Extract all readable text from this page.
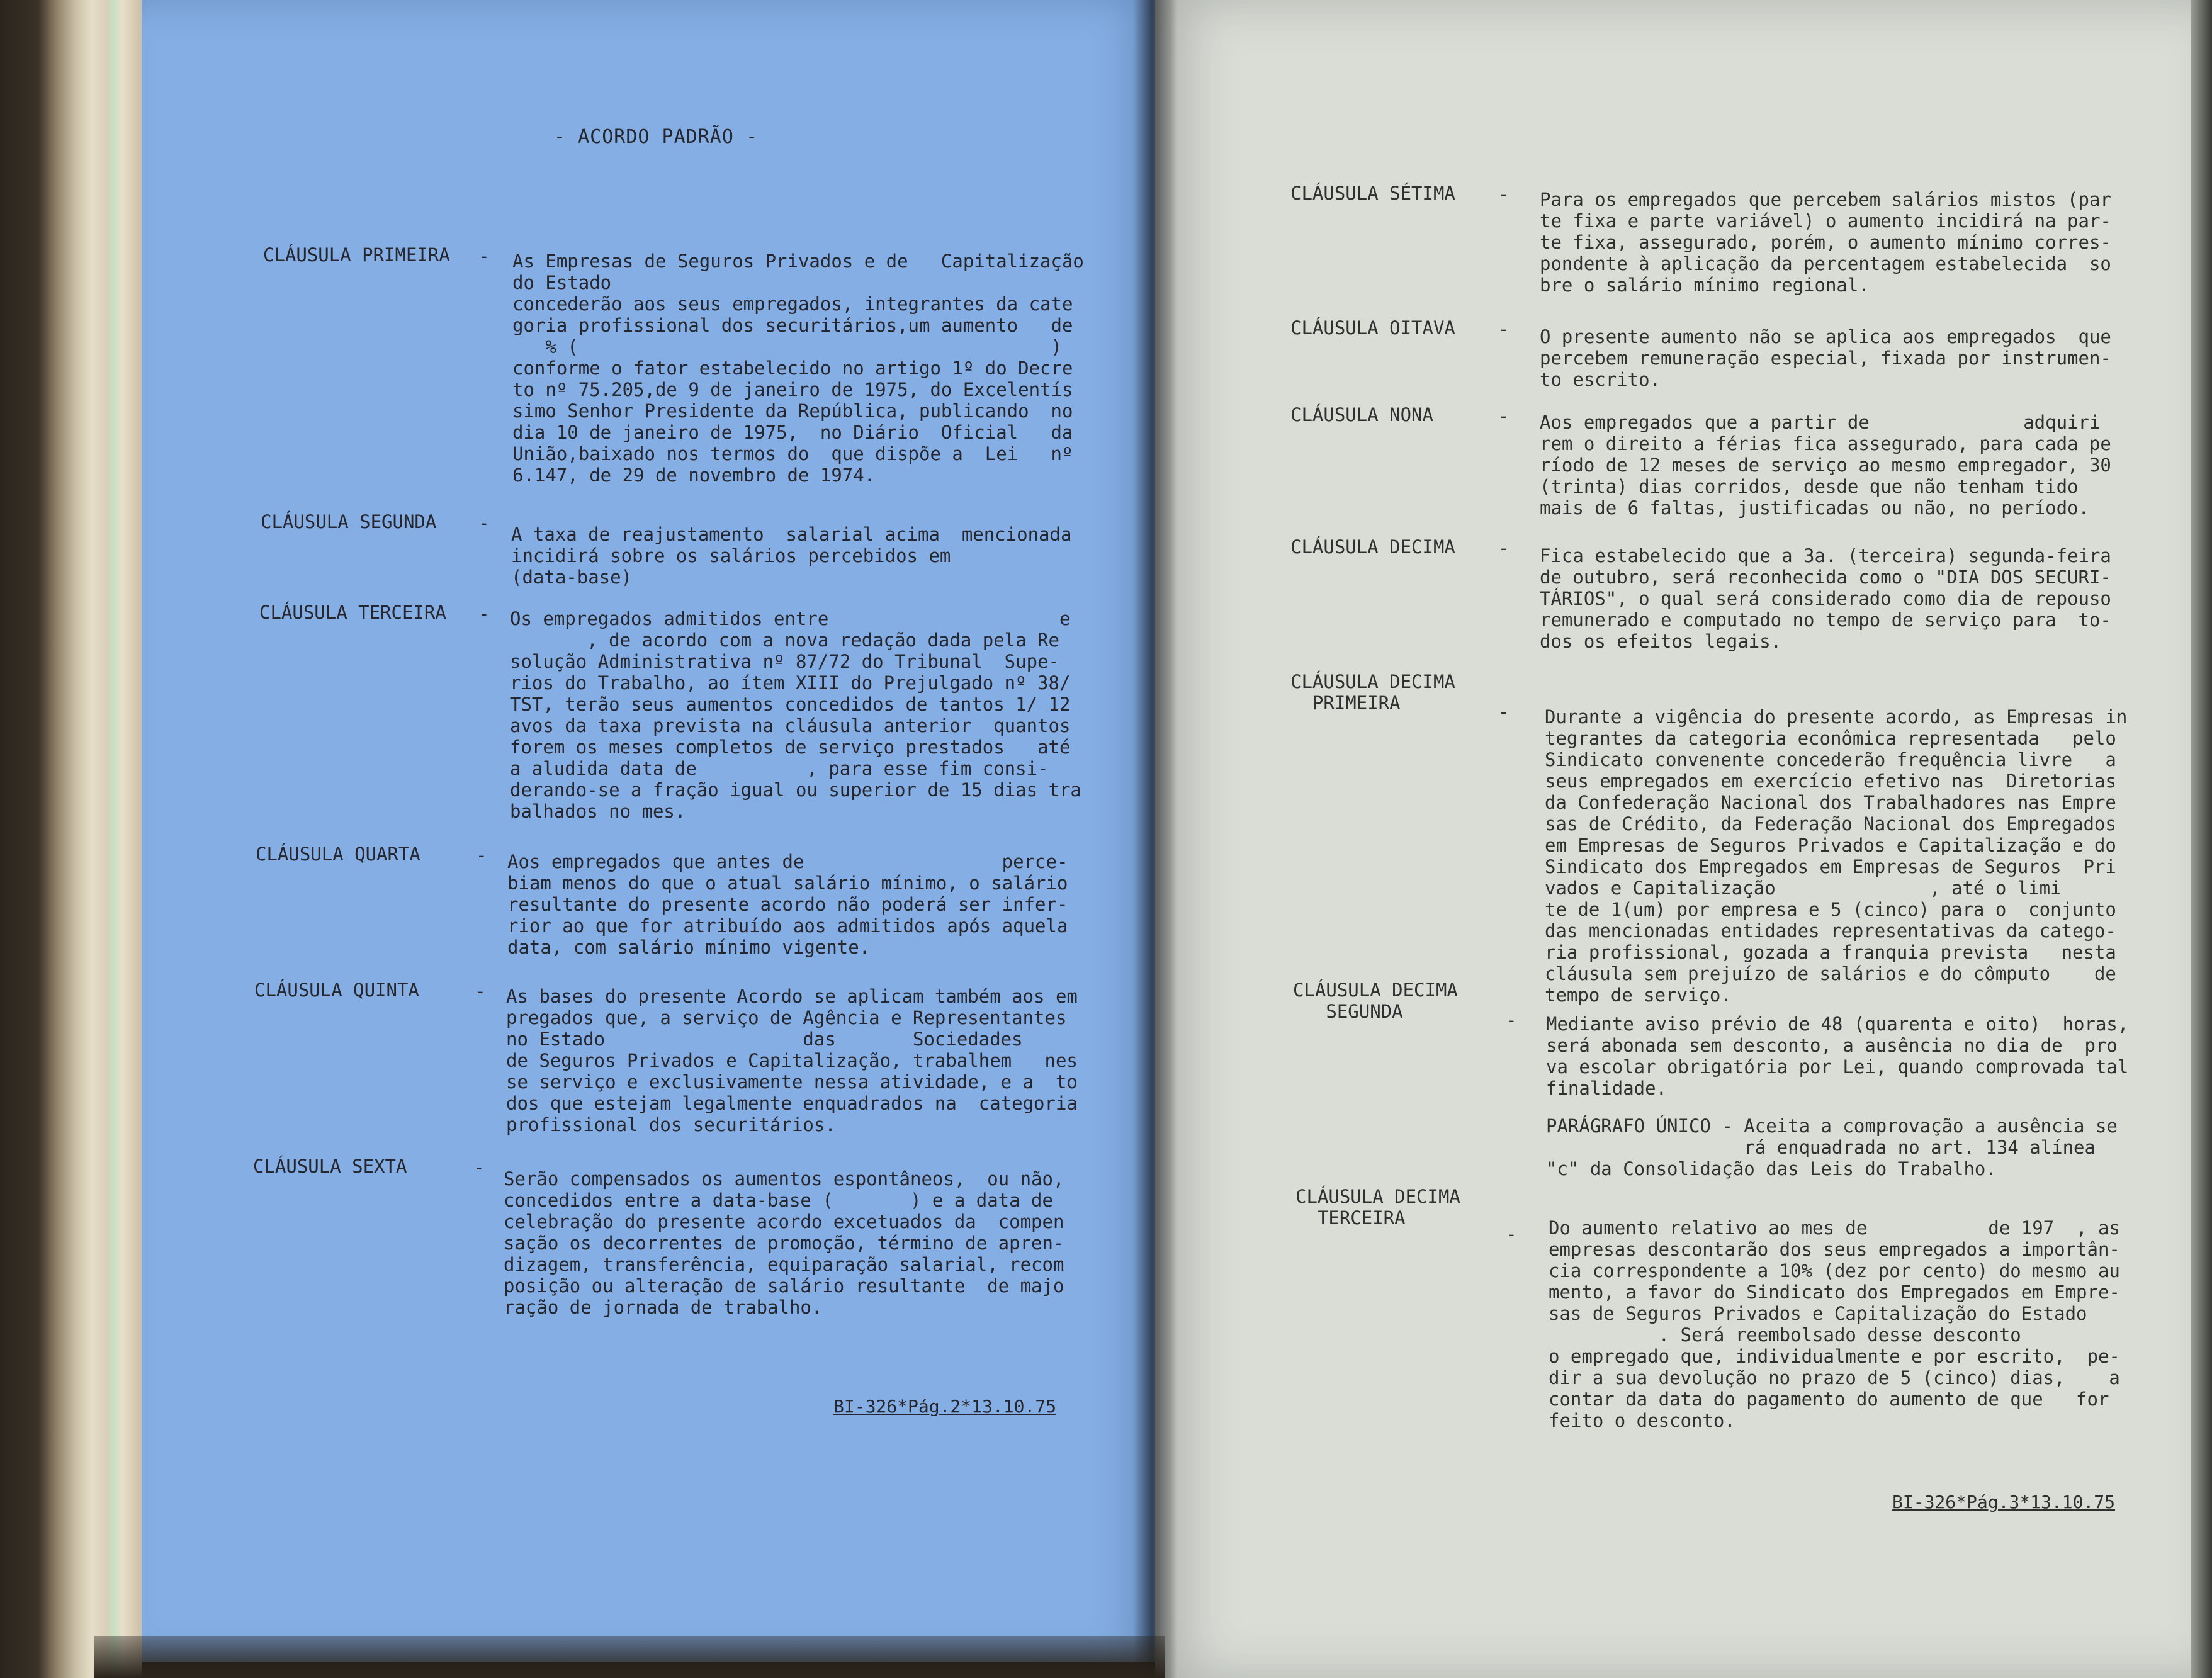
- ACORDO PADRÃO -
CLÁUSULA PRIMEIRA - As Empresas de Seguros Privados e de   Capitalização
do Estado
concederão aos seus empregados, integrantes da cate
goria profissional dos securitários,um aumento   de
% (                                           )
conforme o fator estabelecido no artigo 1º do Decre
to nº 75.205,de 9 de janeiro de 1975, do Excelentís
simo Senhor Presidente da República, publicando  no
dia 10 de janeiro de 1975,  no Diário  Oficial   da
União,baixado nos termos do  que dispõe a  Lei   nº
6.147, de 29 de novembro de 1974.
CLÁUSULA SEGUNDA -
A taxa de reajustamento  salarial acima  mencionada
incidirá sobre os salários percebidos em
(data-base)
CLÁUSULA TERCEIRA - Os empregados admitidos entre                     e
, de acordo com a nova redação dada pela Re
solução Administrativa nº 87/72 do Tribunal  Supe-
rios do Trabalho, ao ítem XIII do Prejulgado nº 38/
TST, terão seus aumentos concedidos de tantos 1/ 12
avos da taxa prevista na cláusula anterior  quantos
forem os meses completos de serviço prestados   até
a aludida data de          , para esse fim consi-
derando-se a fração igual ou superior de 15 dias tra
balhados no mes.
CLÁUSULA QUARTA	- Aos empregados que antes de                  perce-
biam menos do que o atual salário mínimo, o salário
resultante do presente acordo não poderá ser infer-
rior ao que for atribuído aos admitidos após aquela
data, com salário mínimo vigente.
CLÁUSULA QUINTA	- As bases do presente Acordo se aplicam também aos em
pregados que, a serviço de Agência e Representantes
no Estado                  das       Sociedades
de Seguros Privados e Capitalização, trabalhem   nes
se serviço e exclusivamente nessa atividade, e a  to
dos que estejam legalmente enquadrados na  categoria
profissional dos securitários.
CLÁUSULA SEXTA	-
Serão compensados os aumentos espontâneos,  ou não,
concedidos entre a data-base (       ) e a data de
celebração do presente acordo excetuados da  compen
sação os decorrentes de promoção, término de apren-
dizagem, transferência, equiparação salarial, recom
posição ou alteração de salário resultante  de majo
ração de jornada de trabalho.
BI-326*Pág.2*13.10.75
CLÁUSULA SÉTIMA - Para os empregados que percebem salários mistos (par
te fixa e parte variável) o aumento incidirá na par-
te fixa, assegurado, porém, o aumento mínimo corres-
pondente à aplicação da percentagem estabelecida  so
bre o salário mínimo regional.
CLÁUSULA OITAVA - O presente aumento não se aplica aos empregados  que
percebem remuneração especial, fixada por instrumen-
to escrito.
CLÁUSULA NONA	- Aos empregados que a partir de              adquiri
rem o direito a férias fica assegurado, para cada pe
ríodo de 12 meses de serviço ao mesmo empregador, 30
(trinta) dias corridos, desde que não tenham tido
mais de 6 faltas, justificadas ou não, no período.
CLÁUSULA DECIMA - Fica estabelecido que a 3a. (terceira) segunda-feira
de outubro, será reconhecida como o "DIA DOS SECURI-
TÁRIOS", o qual será considerado como dia de repouso
remunerado e computado no tempo de serviço para  to-
dos os efeitos legais.
CLÁUSULA DECIMA
PRIMEIRA	- Durante a vigência do presente acordo, as Empresas in
tegrantes da categoria econômica representada   pelo
Sindicato convenente concederão frequência livre   a
seus empregados em exercício efetivo nas  Diretorias
da Confederação Nacional dos Trabalhadores nas Empre
sas de Crédito, da Federação Nacional dos Empregados
em Empresas de Seguros Privados e Capitalização e do
Sindicato dos Empregados em Empresas de Seguros  Pri
vados e Capitalização              , até o limi
te de 1(um) por empresa e 5 (cinco) para o  conjunto
das mencionadas entidades representativas da catego-
ria profissional, gozada a franquia prevista   nesta
cláusula sem prejuízo de salários e do cômputo    de
tempo de serviço.
CLÁUSULA DECIMA
SEGUNDA	- Mediante aviso prévio de 48 (quarenta e oito)  horas,
será abonada sem desconto, a ausência no dia de  pro
va escolar obrigatória por Lei, quando comprovada tal
finalidade.
PARÁGRAFO ÚNICO - Aceita a comprovação a ausência se
rá enquadrada no art. 134 alínea
"c" da Consolidação das Leis do Trabalho.
CLÁUSULA DECIMA
TERCEIRA
- Do aumento relativo ao mes de           de 197  , as
empresas descontarão dos seus empregados a importân-
cia correspondente a 10% (dez por cento) do mesmo au
mento, a favor do Sindicato dos Empregados em Empre-
sas de Seguros Privados e Capitalização do Estado
. Será reembolsado desse desconto
o empregado que, individualmente e por escrito,  pe-
dir a sua devolução no prazo de 5 (cinco) dias,    a
contar da data do pagamento do aumento de que   for
feito o desconto.
BI-326*Pág.3*13.10.75
